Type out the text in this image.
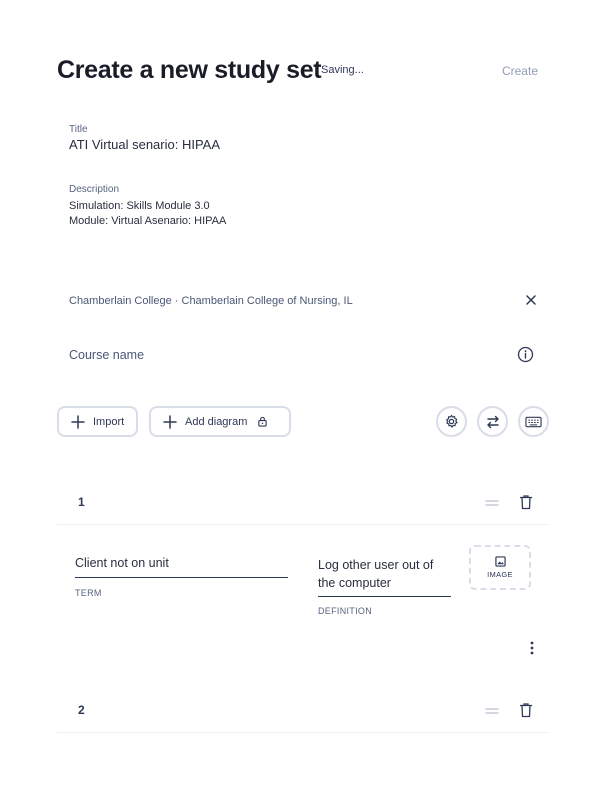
Create a new study set Saving...	Create
Title
ATI Virtual senario: HIPAA
Description
Simulation: Skills Module 3.0
Module: Virtual Asenario: HIPAA
Chamberlain College · Chamberlain College of Nursing, IL
Course name
Import	Add diagram
1
Client not on unit
TERM
Log other user out of the computer
DEFINITION
IMAGE
2
